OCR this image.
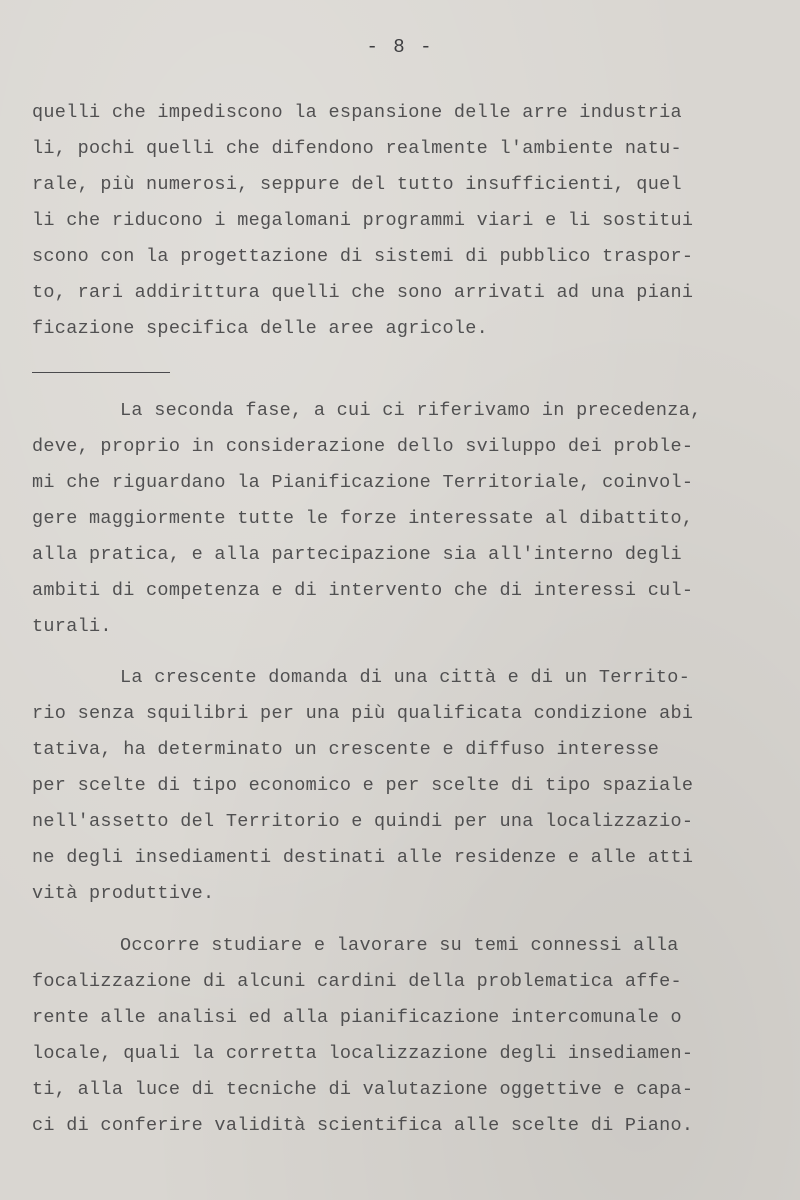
- 8 -
quelli che impediscono la espansione delle arre industria
li, pochi quelli che difendono realmente l'ambiente natu-
rale, più numerosi, seppure del tutto insufficienti, quel
li che riducono i megalomani programmi viari e li sostitui
scono con la progettazione di sistemi di pubblico traspor-
to, rari addirittura quelli che sono arrivati ad una piani
ficazione specifica delle aree agricole.
La seconda fase, a cui ci riferivamo in precedenza,
deve, proprio in considerazione dello sviluppo dei proble-
mi che riguardano la Pianificazione Territoriale, coinvol-
gere maggiormente tutte le forze interessate al dibattito,
alla pratica, e alla partecipazione sia all'interno degli
ambiti di competenza e di intervento che di interessi cul-
turali.
La crescente domanda di una città e di un Territo-
rio senza squilibri per una più qualificata condizione abi
tativa, ha determinato un crescente e diffuso interesse
per scelte di tipo economico e per scelte di tipo spaziale
nell'assetto del Territorio e quindi per una localizzazio-
ne degli insediamenti destinati alle residenze e alle atti
vità produttive.
Occorre studiare e lavorare su temi connessi alla
focalizzazione di alcuni cardini della problematica affe-
rente alle analisi ed alla pianificazione intercomunale o
locale, quali la corretta localizzazione degli insediamen-
ti, alla luce di tecniche di valutazione oggettive e capa-
ci di conferire validità scientifica alle scelte di Piano.
